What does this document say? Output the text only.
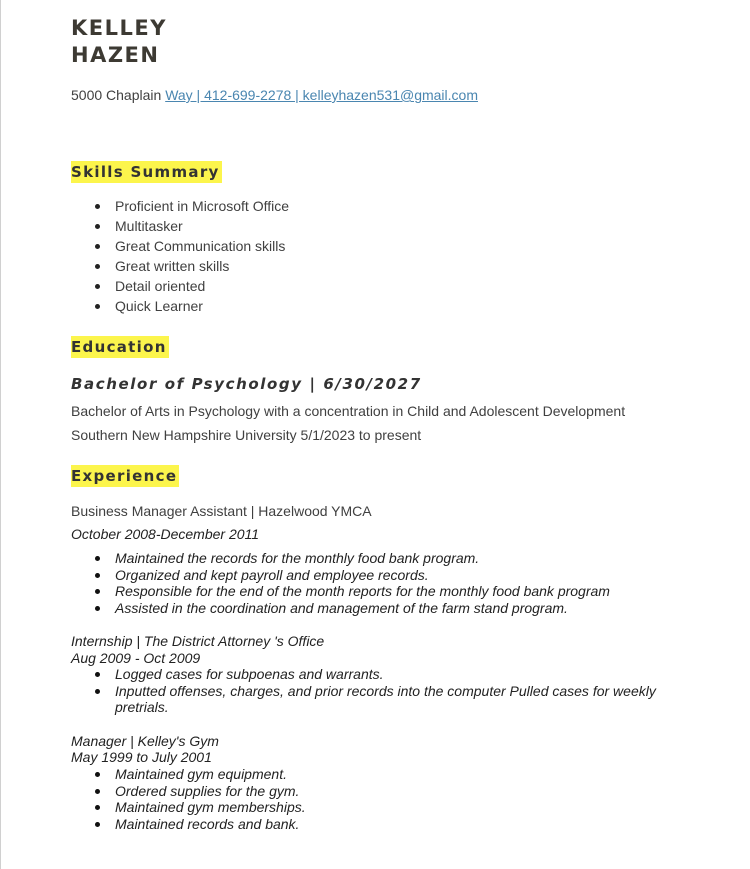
KELLEY
HAZEN
5000 Chaplain Way | 412-699-2278 | kelleyhazen531@gmail.com
Skills Summary
Proficient in Microsoft Office
Multitasker
Great Communication skills
Great written skills
Detail oriented
Quick Learner
Education
Bachelor of Psychology | 6/30/2027
Bachelor of Arts in Psychology with a concentration in Child and Adolescent Development
Southern New Hampshire University 5/1/2023 to present
Experience
Business Manager Assistant | Hazelwood YMCA
October 2008-December 2011
Maintained the records for the monthly food bank program.
Organized and kept payroll and employee records.
Responsible for the end of the month reports for the monthly food bank program
Assisted in the coordination and management of the farm stand program.
Internship | The District Attorney 's Office
Aug 2009 - Oct 2009
Logged cases for subpoenas and warrants.
Inputted offenses, charges, and prior records into the computer Pulled cases for weekly pretrials.
Manager | Kelley's Gym
May 1999 to July 2001
Maintained gym equipment.
Ordered supplies for the gym.
Maintained gym memberships.
Maintained records and bank.
